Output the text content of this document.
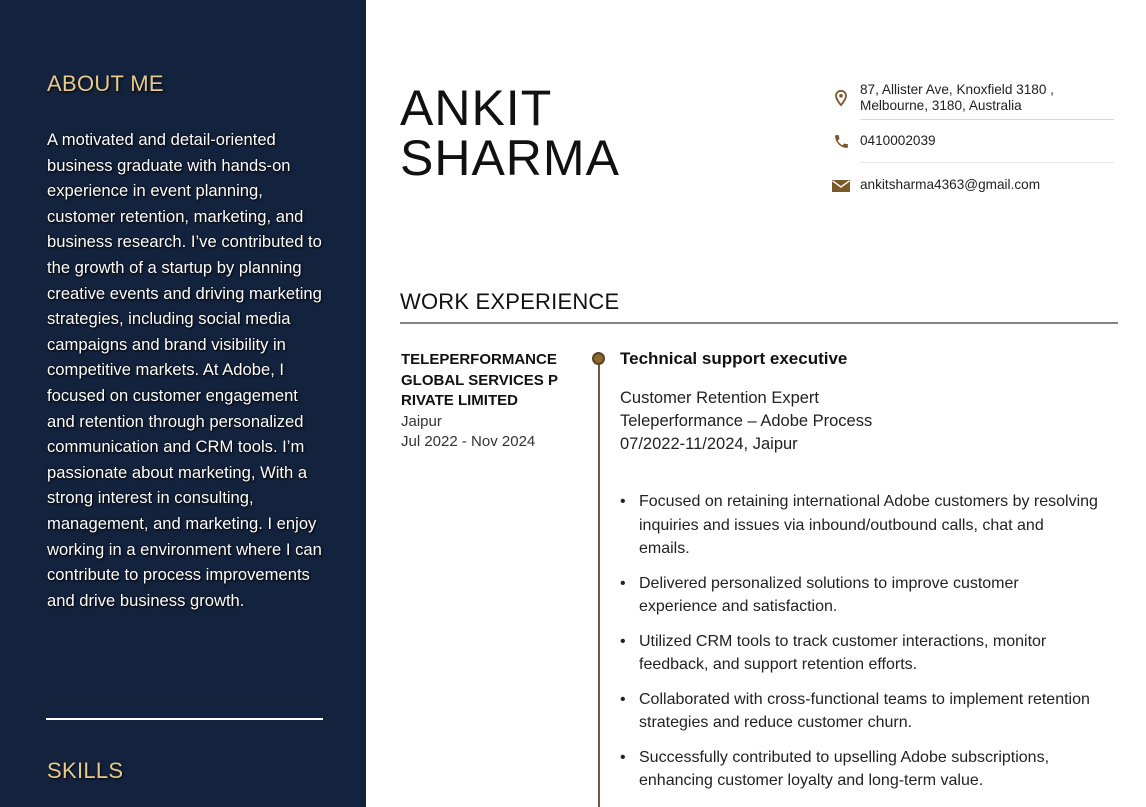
ABOUT ME
A motivated and detail-oriented business graduate with hands-on experience in event planning, customer retention, marketing, and business research. I’ve contributed to the growth of a startup by planning creative events and driving marketing strategies, including social media campaigns and brand visibility in competitive markets. At Adobe, I focused on customer engagement and retention through personalized communication and CRM tools. I’m passionate about marketing, With a strong interest in consulting, management, and marketing. I enjoy working in a environment where I can contribute to process improvements and drive business growth.
SKILLS
ANKIT
SHARMA
87, Allister Ave, Knoxfield 3180 ,
Melbourne, 3180, Australia
0410002039
ankitsharma4363@gmail.com
WORK EXPERIENCE
TELEPERFORMANCE GLOBAL SERVICES PRIVATE LIMITED
Jaipur
Jul 2022 - Nov 2024
Technical support executive
Customer Retention Expert
Teleperformance – Adobe Process
07/2022-11/2024, Jaipur
• Focused on retaining international Adobe customers by resolving inquiries and issues via inbound/outbound calls, chat and emails.
• Delivered personalized solutions to improve customer experience and satisfaction.
• Utilized CRM tools to track customer interactions, monitor feedback, and support retention efforts.
• Collaborated with cross-functional teams to implement retention strategies and reduce customer churn.
• Successfully contributed to upselling Adobe subscriptions, enhancing customer loyalty and long-term value.
